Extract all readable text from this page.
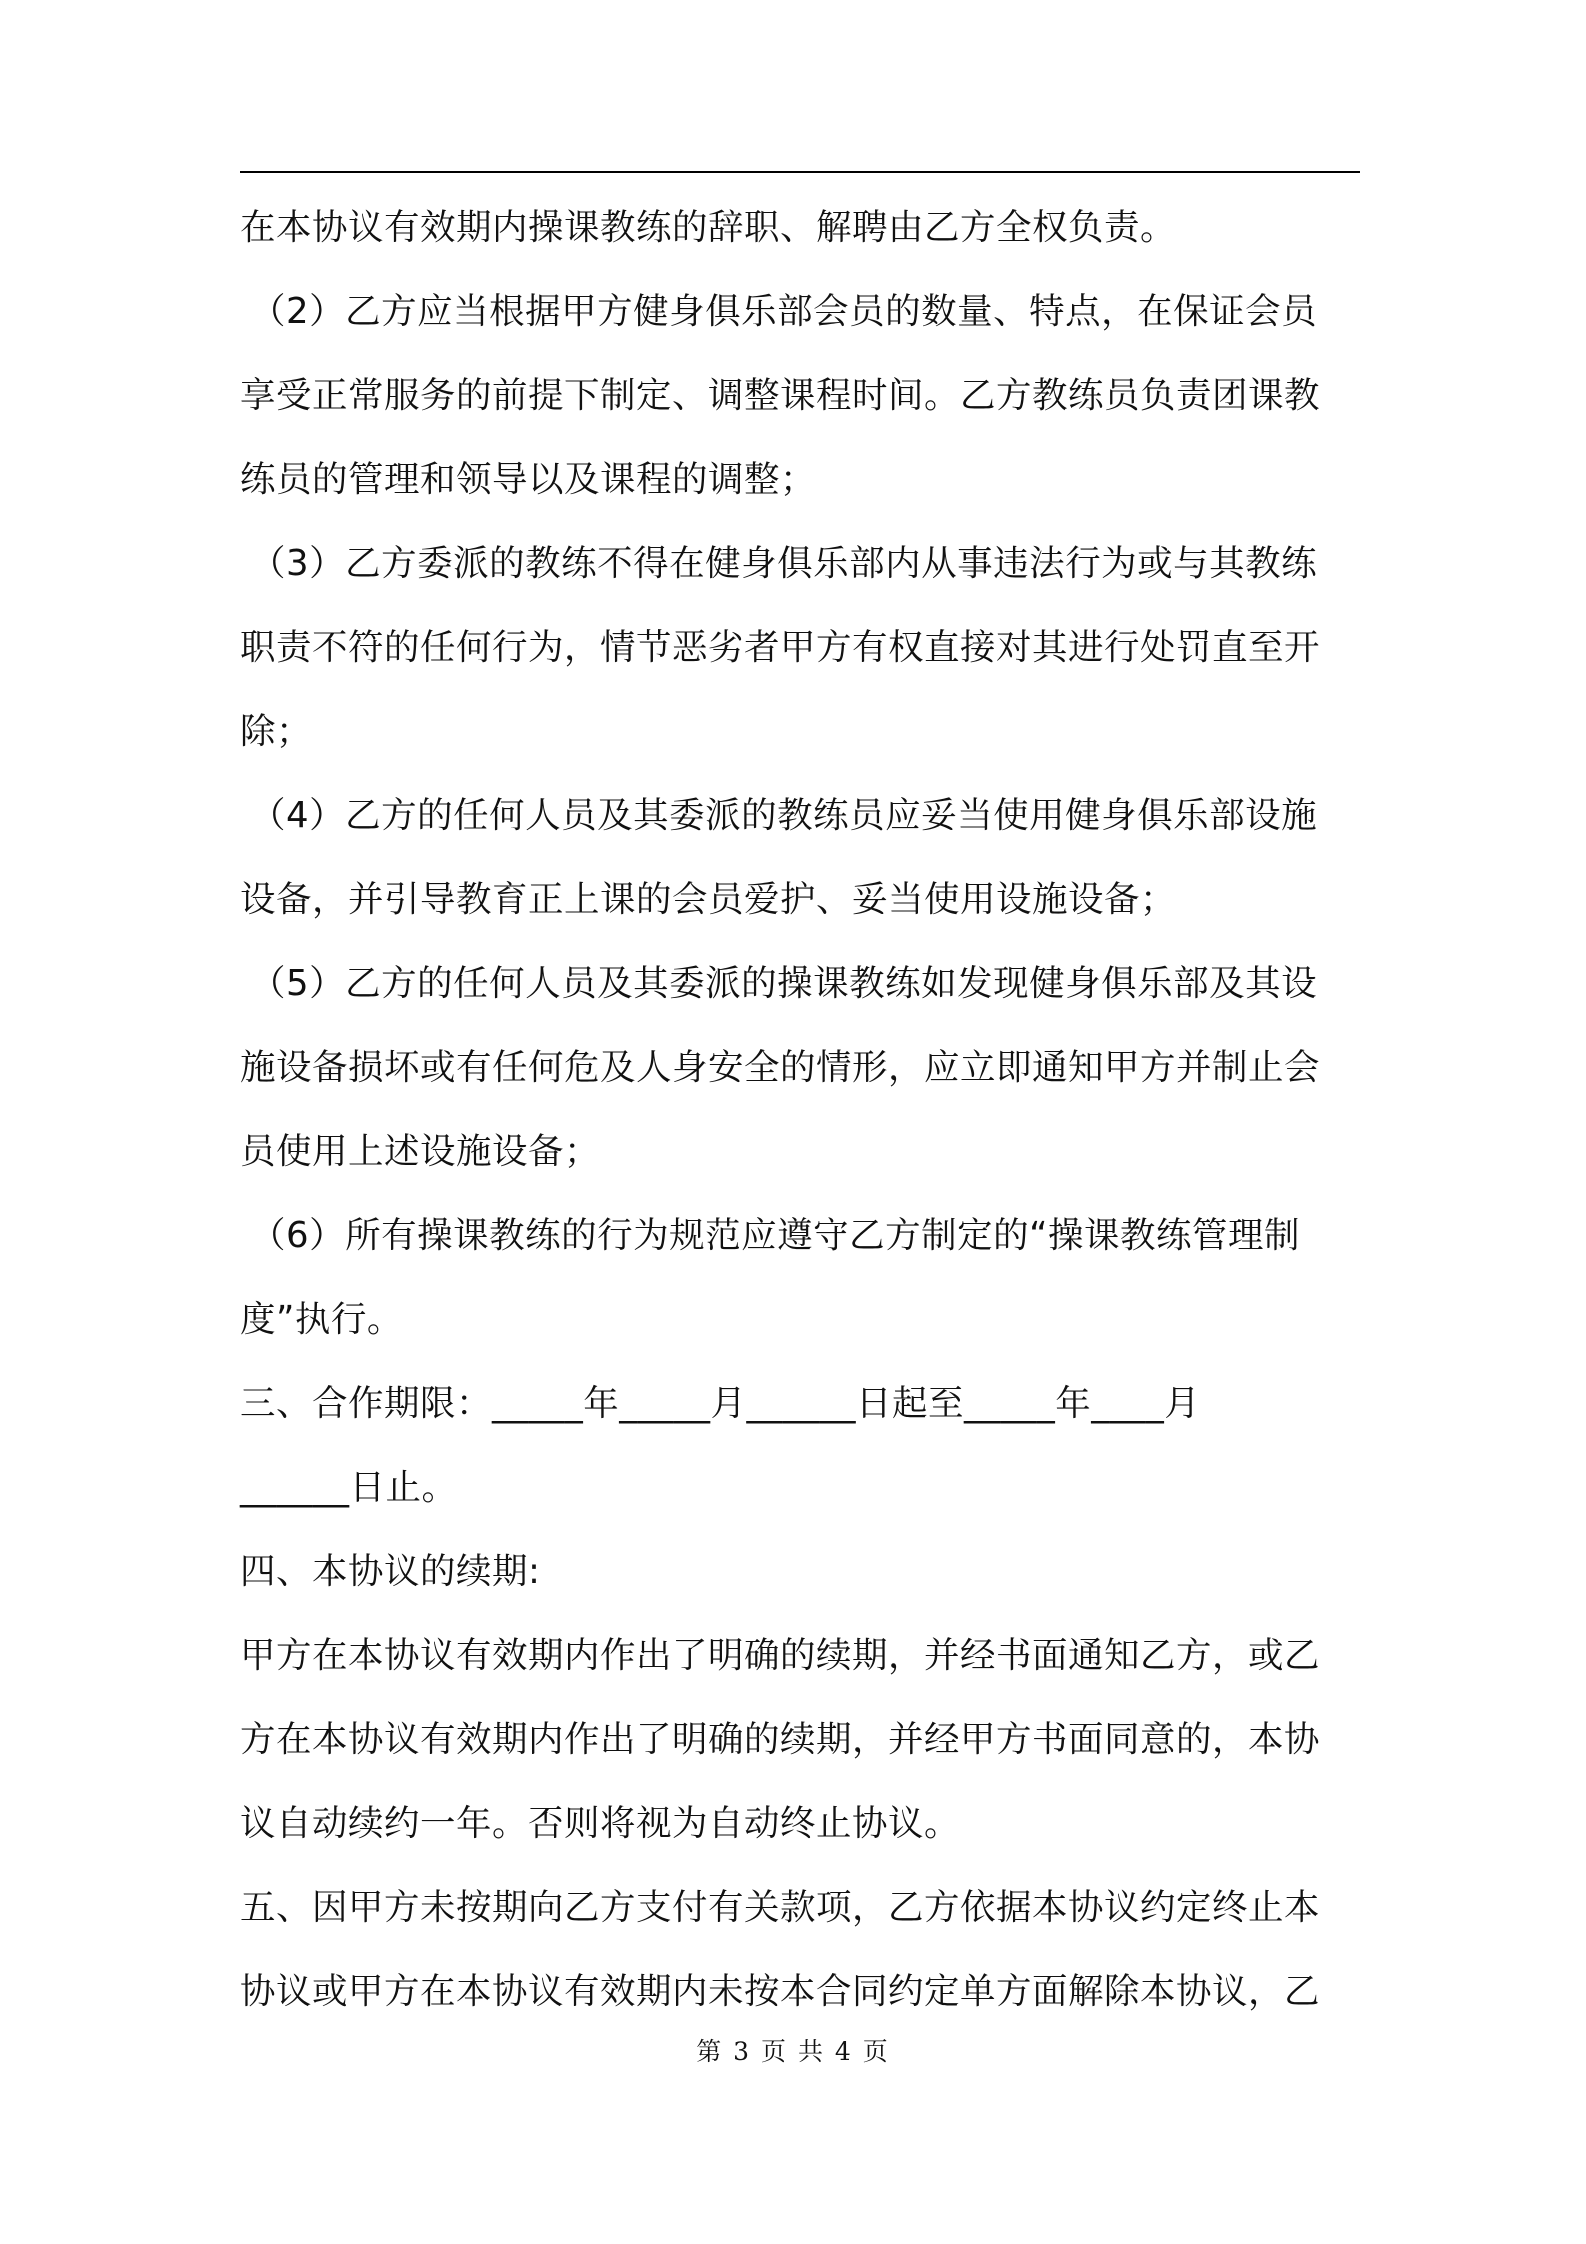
在本协议有效期内操课教练的辞职、解聘由乙方全权负责。

（2）乙方应当根据甲方健身俱乐部会员的数量、特点，在保证会员

享受正常服务的前提下制定、调整课程时间。乙方教练员负责团课教

练员的管理和领导以及课程的调整；

（3）乙方委派的教练不得在健身俱乐部内从事违法行为或与其教练

职责不符的任何行为，情节恶劣者甲方有权直接对其进行处罚直至开

除；

（4）乙方的任何人员及其委派的教练员应妥当使用健身俱乐部设施

设备，并引导教育正上课的会员爱护、妥当使用设施设备；

（5）乙方的任何人员及其委派的操课教练如发现健身俱乐部及其设

施设备损坏或有任何危及人身安全的情形，应立即通知甲方并制止会

员使用上述设施设备；

（6）所有操课教练的行为规范应遵守乙方制定的“操课教练管理制

度”执行。

三、合作期限：_____年_____月______日起至_____年____月

______日止。

四、本协议的续期:

甲方在本协议有效期内作出了明确的续期，并经书面通知乙方，或乙

方在本协议有效期内作出了明确的续期，并经甲方书面同意的，本协

议自动续约一年。否则将视为自动终止协议。

五、因甲方未按期向乙方支付有关款项，乙方依据本协议约定终止本

协议或甲方在本协议有效期内未按本合同约定单方面解除本协议，乙

第 3 页 共 4 页
